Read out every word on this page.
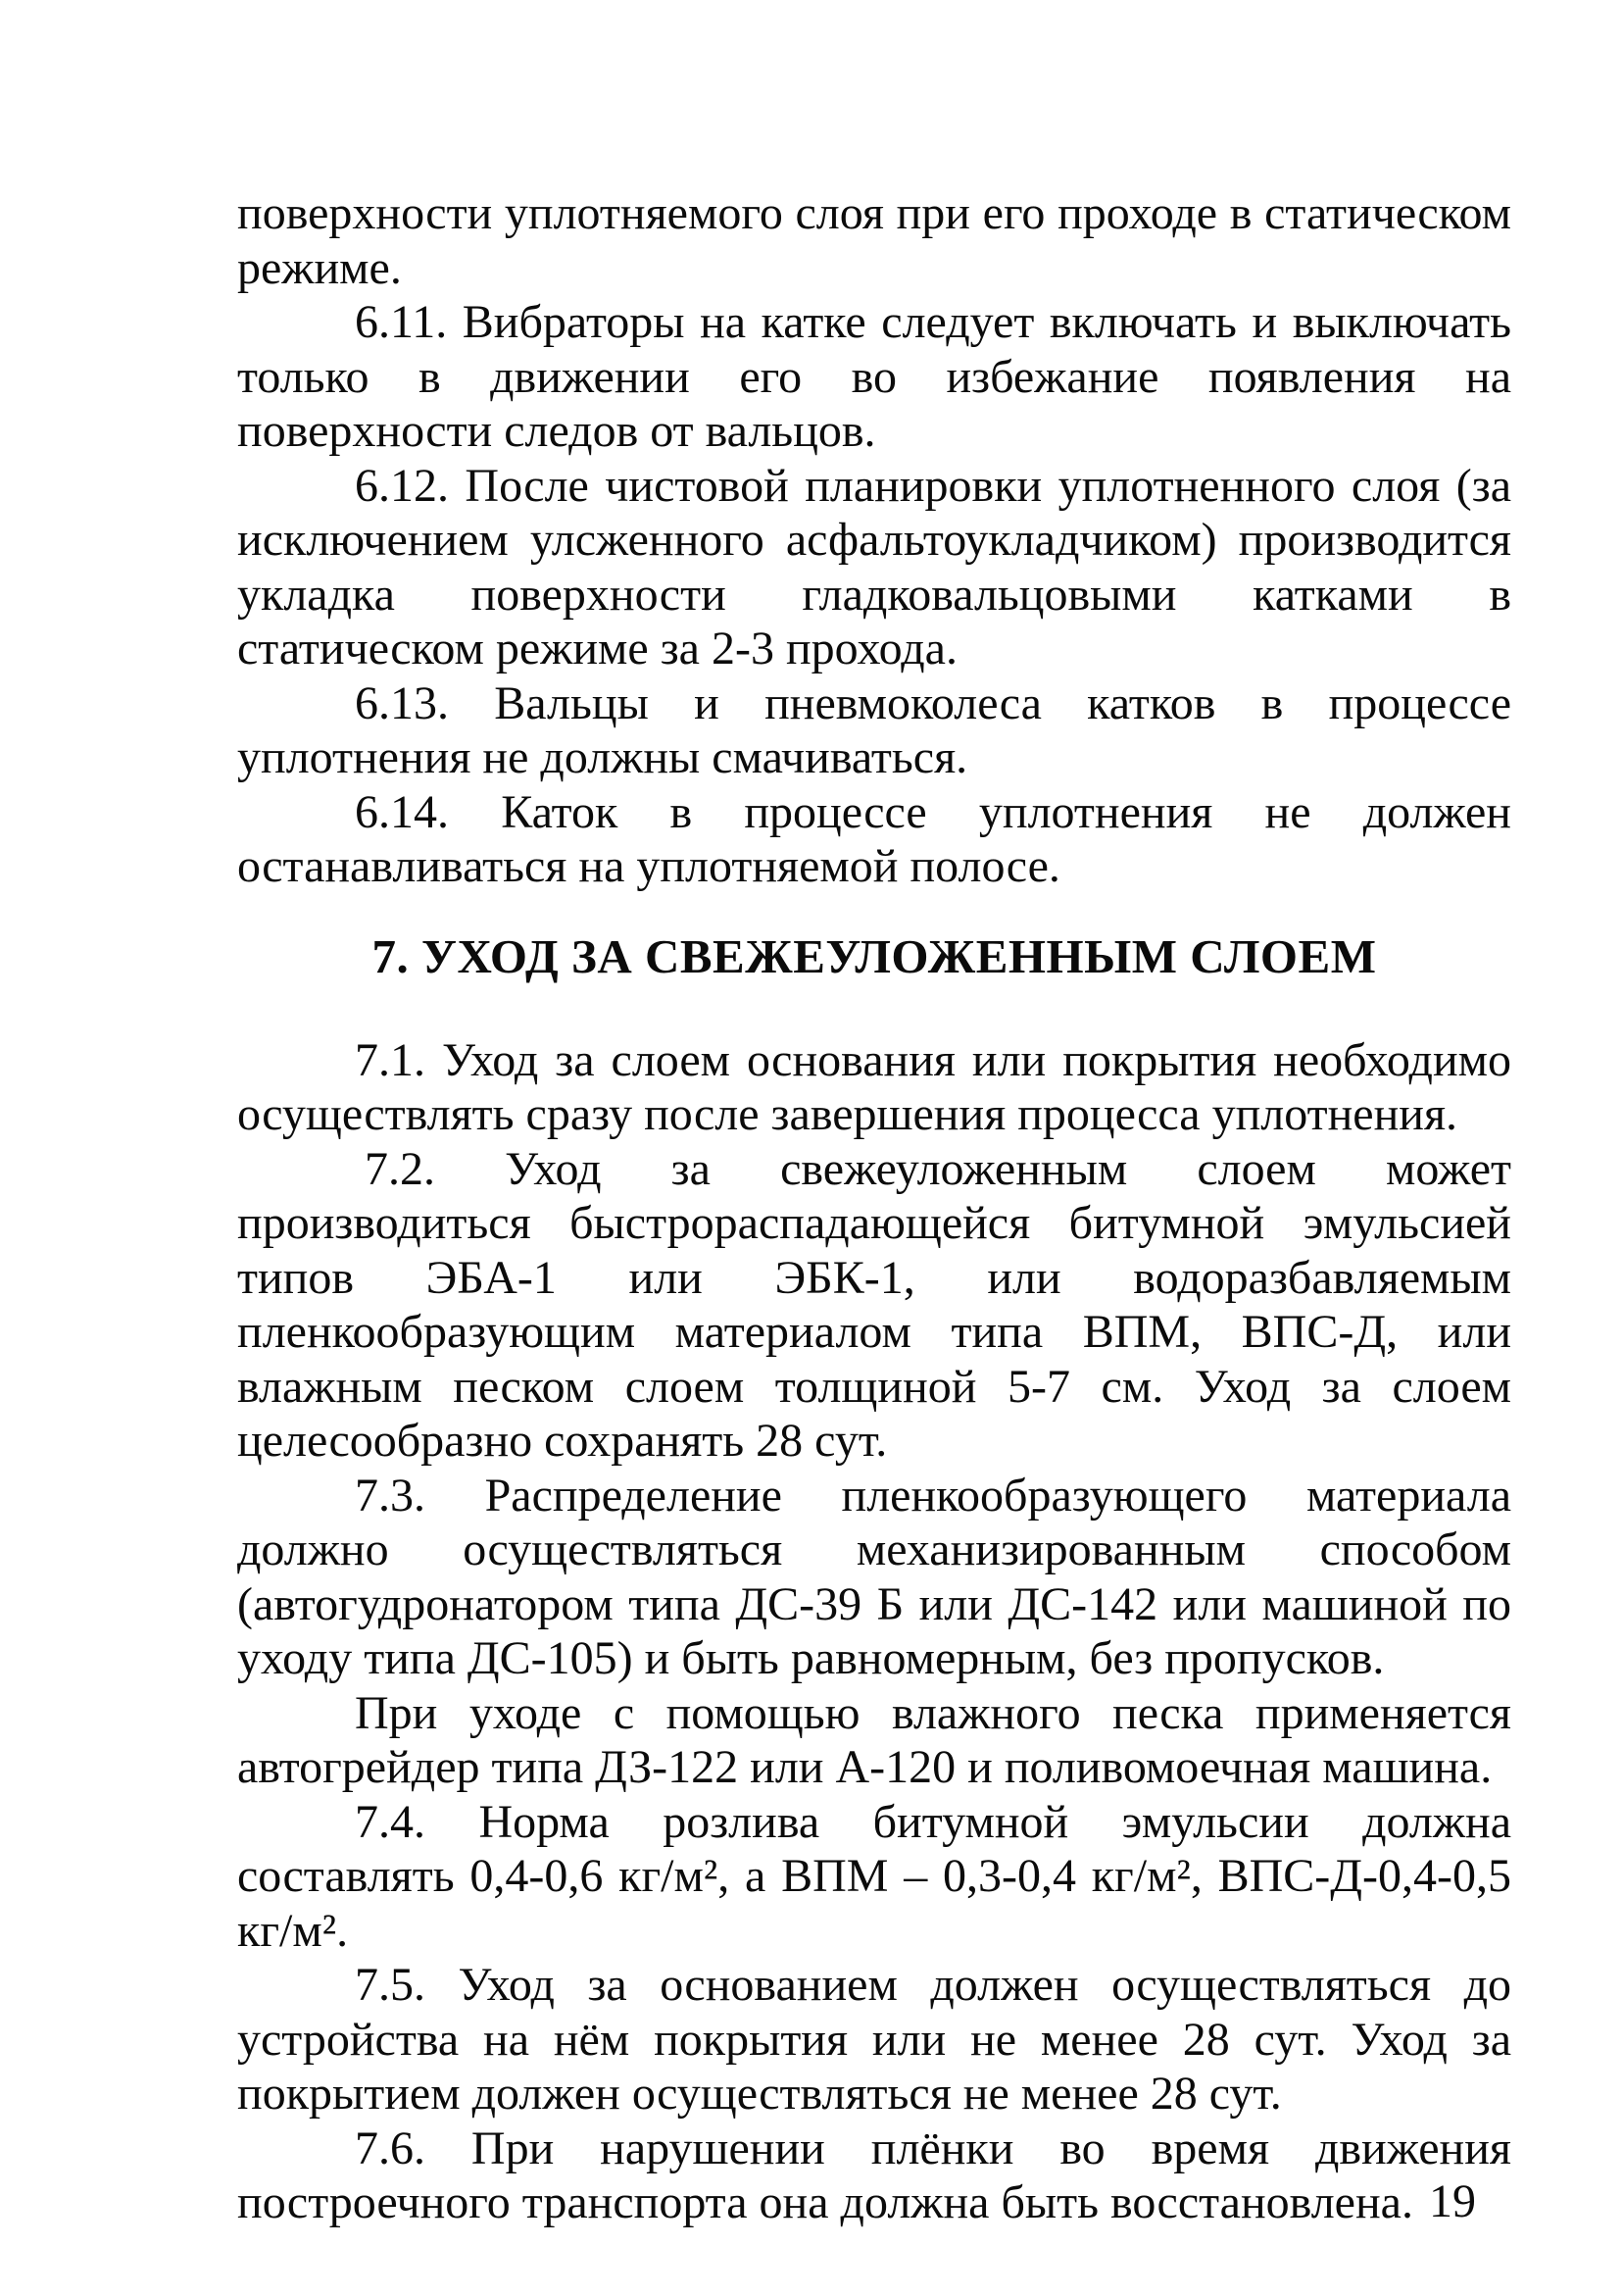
поверхности уплотняемого слоя при его проходе в статическом режиме.

6.11. Вибраторы на катке следует включать и выключать только в движении его во избежание появления на поверхности следов от вальцов.

6.12. После чистовой планировки уплотненного слоя (за исключением улсженного асфальтоукладчиком) производится укладка поверхности гладковальцовыми катками в статическом режиме за 2-3 прохода.

6.13. Вальцы и пневмоколеса катков в процессе уплотнения не должны смачиваться.

6.14. Каток в процессе уплотнения не должен останавливаться на уплотняемой полосе.

7. УХОД ЗА СВЕЖЕУЛОЖЕННЫМ СЛОЕМ

7.1. Уход за слоем основания или покрытия необходимо осуществлять сразу после завершения процесса уплотнения.

7.2. Уход за свежеуложенным слоем может производиться быстрораспадающейся битумной эмульсией типов ЭБА-1 или ЭБК-1, или водоразбавляемым пленкообразующим материалом типа ВПМ, ВПС-Д, или влажным песком слоем толщиной 5-7 см. Уход за слоем целесообразно сохранять 28 сут.

7.3. Распределение пленкообразующего материала должно осуществляться механизированным способом (автогудронатором типа ДС-39 Б или ДС-142 или машиной по уходу типа ДС-105) и быть равномерным, без пропусков.

При уходе с помощью влажного песка применяется автогрейдер типа ДЗ-122 или А-120 и поливомоечная машина.

7.4. Норма розлива битумной эмульсии должна составлять 0,4-0,6 кг/м², а ВПМ – 0,3-0,4 кг/м², ВПС-Д-0,4-0,5 кг/м².

7.5. Уход за основанием должен осуществляться до устройства на нём покрытия или не менее 28 сут. Уход за покрытием должен осуществляться не менее 28 сут.

7.6. При нарушении плёнки во время движения построечного транспорта она должна быть восстановлена. 19
